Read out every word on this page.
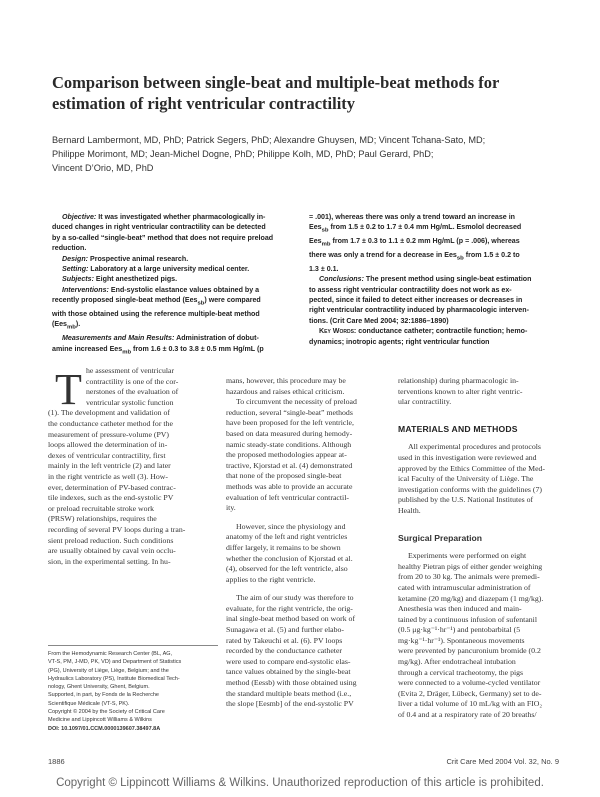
Comparison between single-beat and multiple-beat methods for
estimation of right ventricular contractility
Bernard Lambermont, MD, PhD; Patrick Segers, PhD; Alexandre Ghuysen, MD; Vincent Tchana-Sato, MD;
Philippe Morimont, MD; Jean-Michel Dogne, PhD; Philippe Kolh, MD, PhD; Paul Gerard, PhD;
Vincent D’Orio, MD, PhD
Objective: It was investigated whether pharmacologically in-
duced changes in right ventricular contractility can be detected
by a so-called “single-beat” method that does not require preload
reduction.
Design: Prospective animal research.
Setting: Laboratory at a large university medical center.
Subjects: Eight anesthetized pigs.
Interventions: End-systolic elastance values obtained by a
recently proposed single-beat method (Ees$_{sb}$) were compared
with those obtained using the reference multiple-beat method
(Ees$_{mb}$).
Measurements and Main Results: Administration of dobut-
amine increased Ees$_{mb}$ from 1.6 ± 0.3 to 3.8 ± 0.5 mm Hg/mL (p
= .001), whereas there was only a trend toward an increase in
Ees$_{sb}$ from 1.5 ± 0.2 to 1.7 ± 0.4 mm Hg/mL. Esmolol decreased
Ees$_{mb}$ from 1.7 ± 0.3 to 1.1 ± 0.2 mm Hg/mL (p = .006), whereas
there was only a trend for a decrease in Ees$_{sb}$ from 1.5 ± 0.2 to
1.3 ± 0.1.
Conclusions: The present method using single-beat estimation
to assess right ventricular contractility does not work as ex-
pected, since it failed to detect either increases or decreases in
right ventricular contractility induced by pharmacologic interven-
tions. (Crit Care Med 2004; 32:1886–1890)
Key Words: conductance catheter; contractile function; hemo-
dynamics; inotropic agents; right ventricular function
T he assessment of ventricular
contractility is one of the cor-
nerstones of the evaluation of
ventricular systolic function
(1). The development and validation of
the conductance catheter method for the
measurement of pressure-volume (PV)
loops allowed the determination of in-
dexes of ventricular contractility, first
mainly in the left ventricle (2) and later
in the right ventricle as well (3). How-
ever, determination of PV-based contrac-
tile indexes, such as the end-systolic PV
or preload recruitable stroke work
(PRSW) relationships, requires the
recording of several PV loops during a tran-
sient preload reduction. Such conditions
are usually obtained by caval vein occlu-
sion, in the experimental setting. In hu-
mans, however, this procedure may be
hazardous and raises ethical criticism.
To circumvent the necessity of preload
reduction, several “single-beat” methods
have been proposed for the left ventricle,
based on data measured during hemody-
namic steady-state conditions. Although
the proposed methodologies appear at-
tractive, Kjorstad et al. (4) demonstrated
that none of the proposed single-beat
methods was able to provide an accurate
evaluation of left ventricular contractil-
ity.
However, since the physiology and
anatomy of the left and right ventricles
differ largely, it remains to be shown
whether the conclusion of Kjorstad et al.
(4), observed for the left ventricle, also
applies to the right ventricle.
The aim of our study was therefore to
evaluate, for the right ventricle, the orig-
inal single-beat method based on work of
Sunagawa et al. (5) and further elabo-
rated by Takeuchi et al. (6). PV loops
recorded by the conductance catheter
were used to compare end-systolic elas-
tance values obtained by the single-beat
method (Eessb) with those obtained using
the standard multiple beats method (i.e.,
the slope [Eesmb] of the end-systolic PV
relationship) during pharmacologic in-
terventions known to alter right ventric-
ular contractility.
MATERIALS AND METHODS
All experimental procedures and protocols
used in this investigation were reviewed and
approved by the Ethics Committee of the Med-
ical Faculty of the University of Liège. The
investigation conforms with the guidelines (7)
published by the U.S. National Institutes of
Health.
Surgical Preparation
Experiments were performed on eight
healthy Pietran pigs of either gender weighing
from 20 to 30 kg. The animals were premedi-
cated with intramuscular administration of
ketamine (20 mg/kg) and diazepam (1 mg/kg).
Anesthesia was then induced and main-
tained by a continuous infusion of sufentanil
(0.5 μg·kg⁻¹·hr⁻¹) and pentobarbital (5
mg·kg⁻¹·hr⁻¹). Spontaneous movements
were prevented by pancuronium bromide (0.2
mg/kg). After endotracheal intubation
through a cervical tracheotomy, the pigs
were connected to a volume-cycled ventilator
(Evita 2, Dräger, Lübeck, Germany) set to de-
liver a tidal volume of 10 mL/kg with an FIO₂
of 0.4 and at a respiratory rate of 20 breaths/
From the Hemodynamic Research Center (BL, AG,
VT-S, PM, J-MD, PK, VD) and Department of Statistics
(PG), University of Liège, Liège, Belgium; and the
Hydraulics Laboratory (PS), Institute Biomedical Tech-
nology, Ghent University, Ghent, Belgium.
Supported, in part, by Fonds de la Recherche
Scientifique Médicale (VT-S, PK).
Copyright © 2004 by the Society of Critical Care
Medicine and Lippincott Williams & Wilkins
DOI: 10.1097/01.CCM.0000139607.38497.8A
1886	Crit Care Med 2004 Vol. 32, No. 9
Copyright © Lippincott Williams & Wilkins. Unauthorized reproduction of this article is prohibited.
